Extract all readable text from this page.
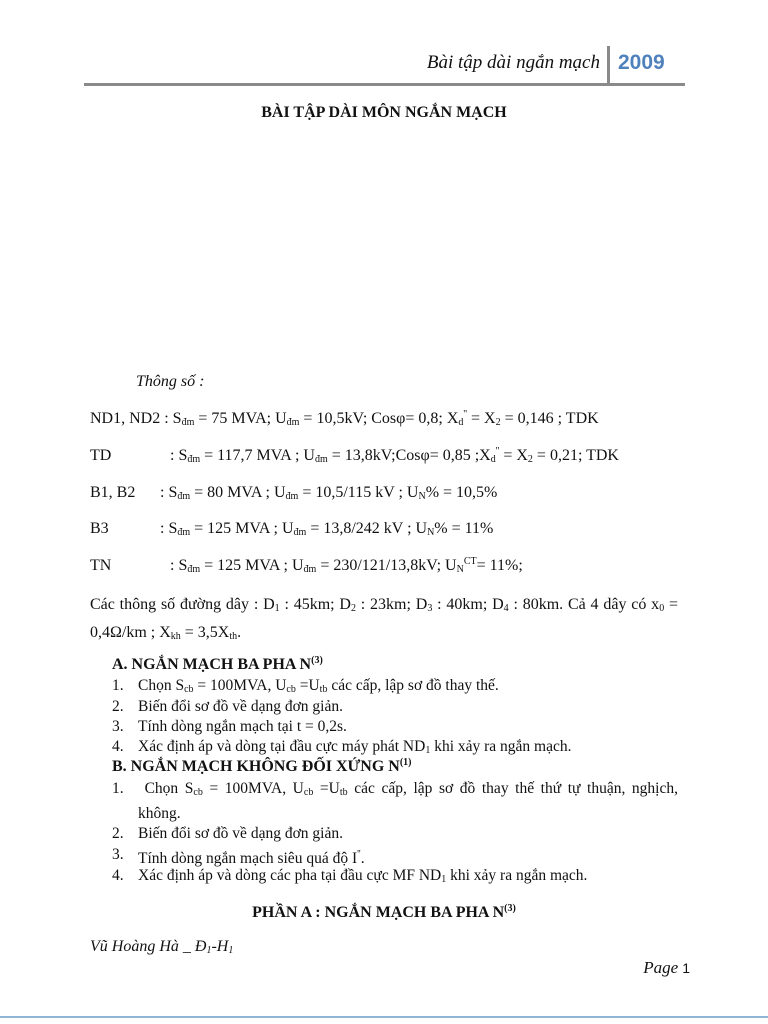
Bài tập dài ngắn mạch 2009
BÀI TẬP DÀI MÔN NGẮN MẠCH
Thông số :
ND1, ND2 : $S_{đm} = 75$ MVA; $U_{đm} = 10,5kV$; Cosφ= 0,8; $X_d'' = X_2 = 0,146$ ; TDK
TD	: $S_{đm} = 117,7$ MVA ; $U_{đm}$ = 13,8kV;Cosφ= 0,85 $;X_d'' = X_2 = 0,21$; TDK
B1, B2 : $S_{đm} = 80$ MVA ; $U_{đm} = 10,5/115$ kV ; $U_N\% = 10,5\%$
B3	: $S_{đm} = 125$ MVA ; $U_{đm} = 13,8/242$ kV ; $U_N\% = 11\%$
TN	: $S_{đm} = 125$ MVA ; $U_{đm} = 230/121/13,8kV$; $U_N^{CT}= 11\%$;
Các thông số đường dây : $D_1$ : 45km; $D_2$ : 23km; $D_3$ : 40km; $D_4$ : 80km. Cả 4 dây có $x_0 = 0,4\Omega/km$ ; $X_{kh} = 3,5X_{th}$.
A. NGẮN MẠCH BA PHA $N^{(3)}$
1. Chọn $S_{cb} = 100MVA$, $U_{cb} =U_{tb}$ các cấp, lập sơ đồ thay thế.
2. Biến đổi sơ đồ về dạng đơn giản.
3. Tính dòng ngắn mạch tại t = 0,2s.
4. Xác định áp và dòng tại đầu cực máy phát $ND_1$ khi xảy ra ngắn mạch.
B. NGẮN MẠCH KHÔNG ĐỐI XỨNG $N^{(1)}$
1. Chọn $S_{cb} = 100MVA$, $U_{cb} =U_{tb}$ các cấp, lập sơ đồ thay thế thứ tự thuận, nghịch, không.
2. Biến đổi sơ đồ về dạng đơn giản.
3. Tính dòng ngắn mạch siêu quá độ I''.
4. Xác định áp và dòng các pha tại đầu cực MF $ND_1$ khi xảy ra ngắn mạch.
PHẦN A : NGẮN MẠCH BA PHA $N^{(3)}$
Vũ Hoàng Hà _ $Đ_1-H_1$
Page 1
